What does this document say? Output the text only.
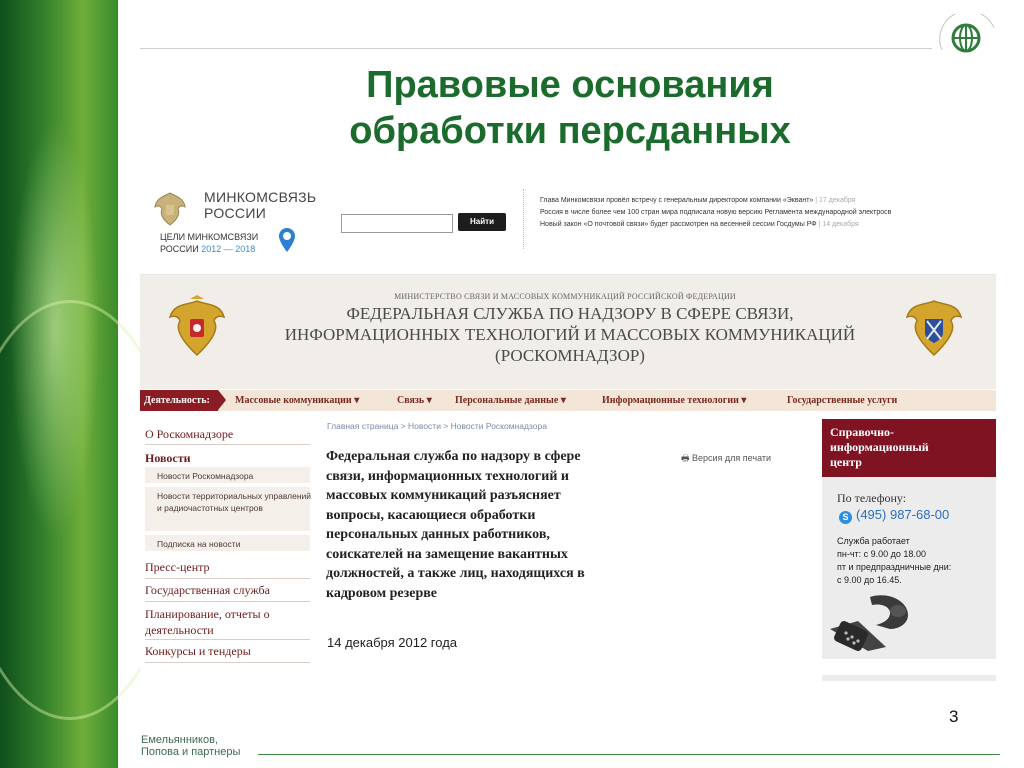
Правовые основания
обработки персданных
МИНКОМСВЯЗЬ
РОССИИ
ЦЕЛИ МИНКОМСВЯЗИ
РОССИИ 2012 — 2018
Найти
Глава Минкомсвязи провёл встречу с генеральным директором компании «Эквант» | 17 декабря
Россия в числе более чем 100 стран мира подписала новую версию Регламента международной электросв
Новый закон «О почтовой связи» будет рассмотрен на весенней сессии Госдумы РФ | 14 декабря
МИНИСТЕРСТВО СВЯЗИ И МАССОВЫХ КОММУНИКАЦИЙ РОССИЙСКОЙ ФЕДЕРАЦИИ
ФЕДЕРАЛЬНАЯ СЛУЖБА ПО НАДЗОРУ В СФЕРЕ СВЯЗИ,
ИНФОРМАЦИОННЫХ ТЕХНОЛОГИЙ И МАССОВЫХ КОММУНИКАЦИЙ
(РОСКОМНАДЗОР)
Деятельность:	Массовые коммуникации ▾	Связь ▾ Персональные данные ▾	Информационные технологии ▾	Государственные услуги
О Роскомнадзоре
Новости
Новости Роскомнадзора
Новости территориальных управлений и радиочастотных центров
Подписка на новости
Пресс-центр
Государственная служба
Планирование, отчеты о деятельности
Конкурсы и тендеры
Главная страница > Новости > Новости Роскомнадзора
Федеральная служба по надзору в сфере
связи, информационных технологий и
массовых коммуникаций разъясняет
вопросы, касающиеся обработки
персональных данных работников,
соискателей на замещение вакантных
должностей, а также лиц, находящихся в
кадровом резерве
🖶 Версия для печати
14 декабря 2012 года
Справочно-
информационный
центр
По телефону:
S (495) 987-68-00
Служба работает
пн-чт: с 9.00 до 18.00
пт и предпраздничные дни:
с 9.00 до 16.45.
3
Емельянников,
Попова и партнеры
